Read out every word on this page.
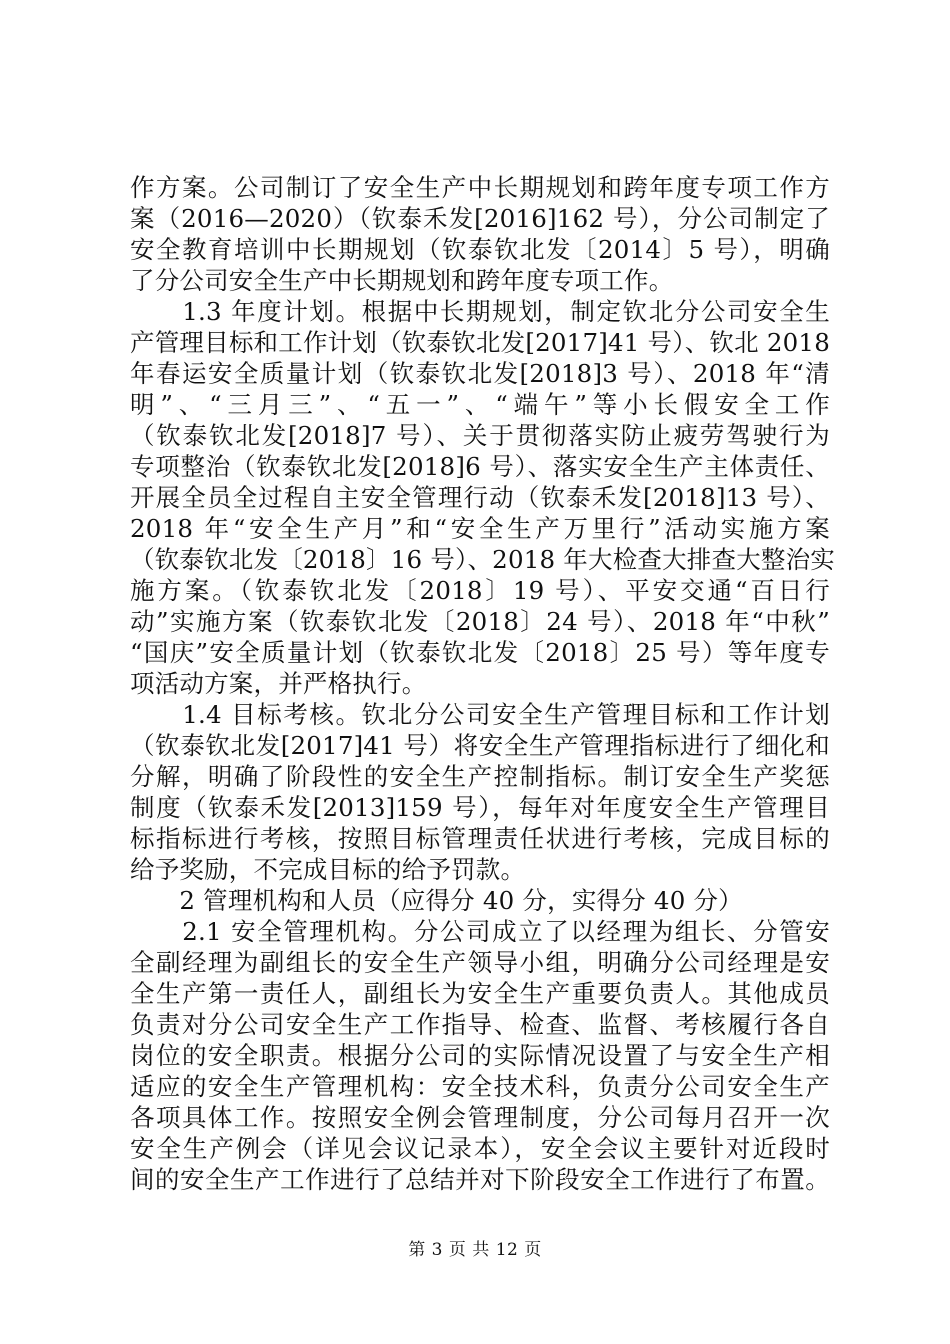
作方案。公司制订了安全生产中长期规划和跨年度专项工作方
案（2016—2020）（钦泰禾发[2016]162 号），分公司制定了
安全教育培训中长期规划（钦泰钦北发〔2014〕5 号），明确
了分公司安全生产中长期规划和跨年度专项工作。
　　1.3 年度计划。根据中长期规划，制定钦北分公司安全生
产管理目标和工作计划（钦泰钦北发[2017]41 号）、钦北 2018
年春运安全质量计划（钦泰钦北发[2018]3 号）、2018 年“清
明”、“三月三”、“五一”、“端午”等小长假安全工作
（钦泰钦北发[2018]7 号）、关于贯彻落实防止疲劳驾驶行为
专项整治（钦泰钦北发[2018]6 号）、落实安全生产主体责任、
开展全员全过程自主安全管理行动（钦泰禾发[2018]13 号）、
2018 年“安全生产月”和“安全生产万里行”活动实施方案
（钦泰钦北发〔2018〕16 号）、2018 年大检查大排查大整治实
施方案。（钦泰钦北发〔2018〕19 号）、平安交通“百日行
动”实施方案（钦泰钦北发〔2018〕24 号）、2018 年“中秋”
“国庆”安全质量计划（钦泰钦北发〔2018〕25 号）等年度专
项活动方案，并严格执行。
　　1.4 目标考核。钦北分公司安全生产管理目标和工作计划
（钦泰钦北发[2017]41 号）将安全生产管理指标进行了细化和
分解，明确了阶段性的安全生产控制指标。制订安全生产奖惩
制度（钦泰禾发[2013]159 号），每年对年度安全生产管理目
标指标进行考核，按照目标管理责任状进行考核，完成目标的
给予奖励，不完成目标的给予罚款。
　　2 管理机构和人员（应得分 40 分，实得分 40 分）
　　2.1 安全管理机构。分公司成立了以经理为组长、分管安
全副经理为副组长的安全生产领导小组，明确分公司经理是安
全生产第一责任人，副组长为安全生产重要负责人。其他成员
负责对分公司安全生产工作指导、检查、监督、考核履行各自
岗位的安全职责。根据分公司的实际情况设置了与安全生产相
适应的安全生产管理机构：安全技术科，负责分公司安全生产
各项具体工作。按照安全例会管理制度，分公司每月召开一次
安全生产例会（详见会议记录本），安全会议主要针对近段时
间的安全生产工作进行了总结并对下阶段安全工作进行了布置。
第 3 页 共 12 页
